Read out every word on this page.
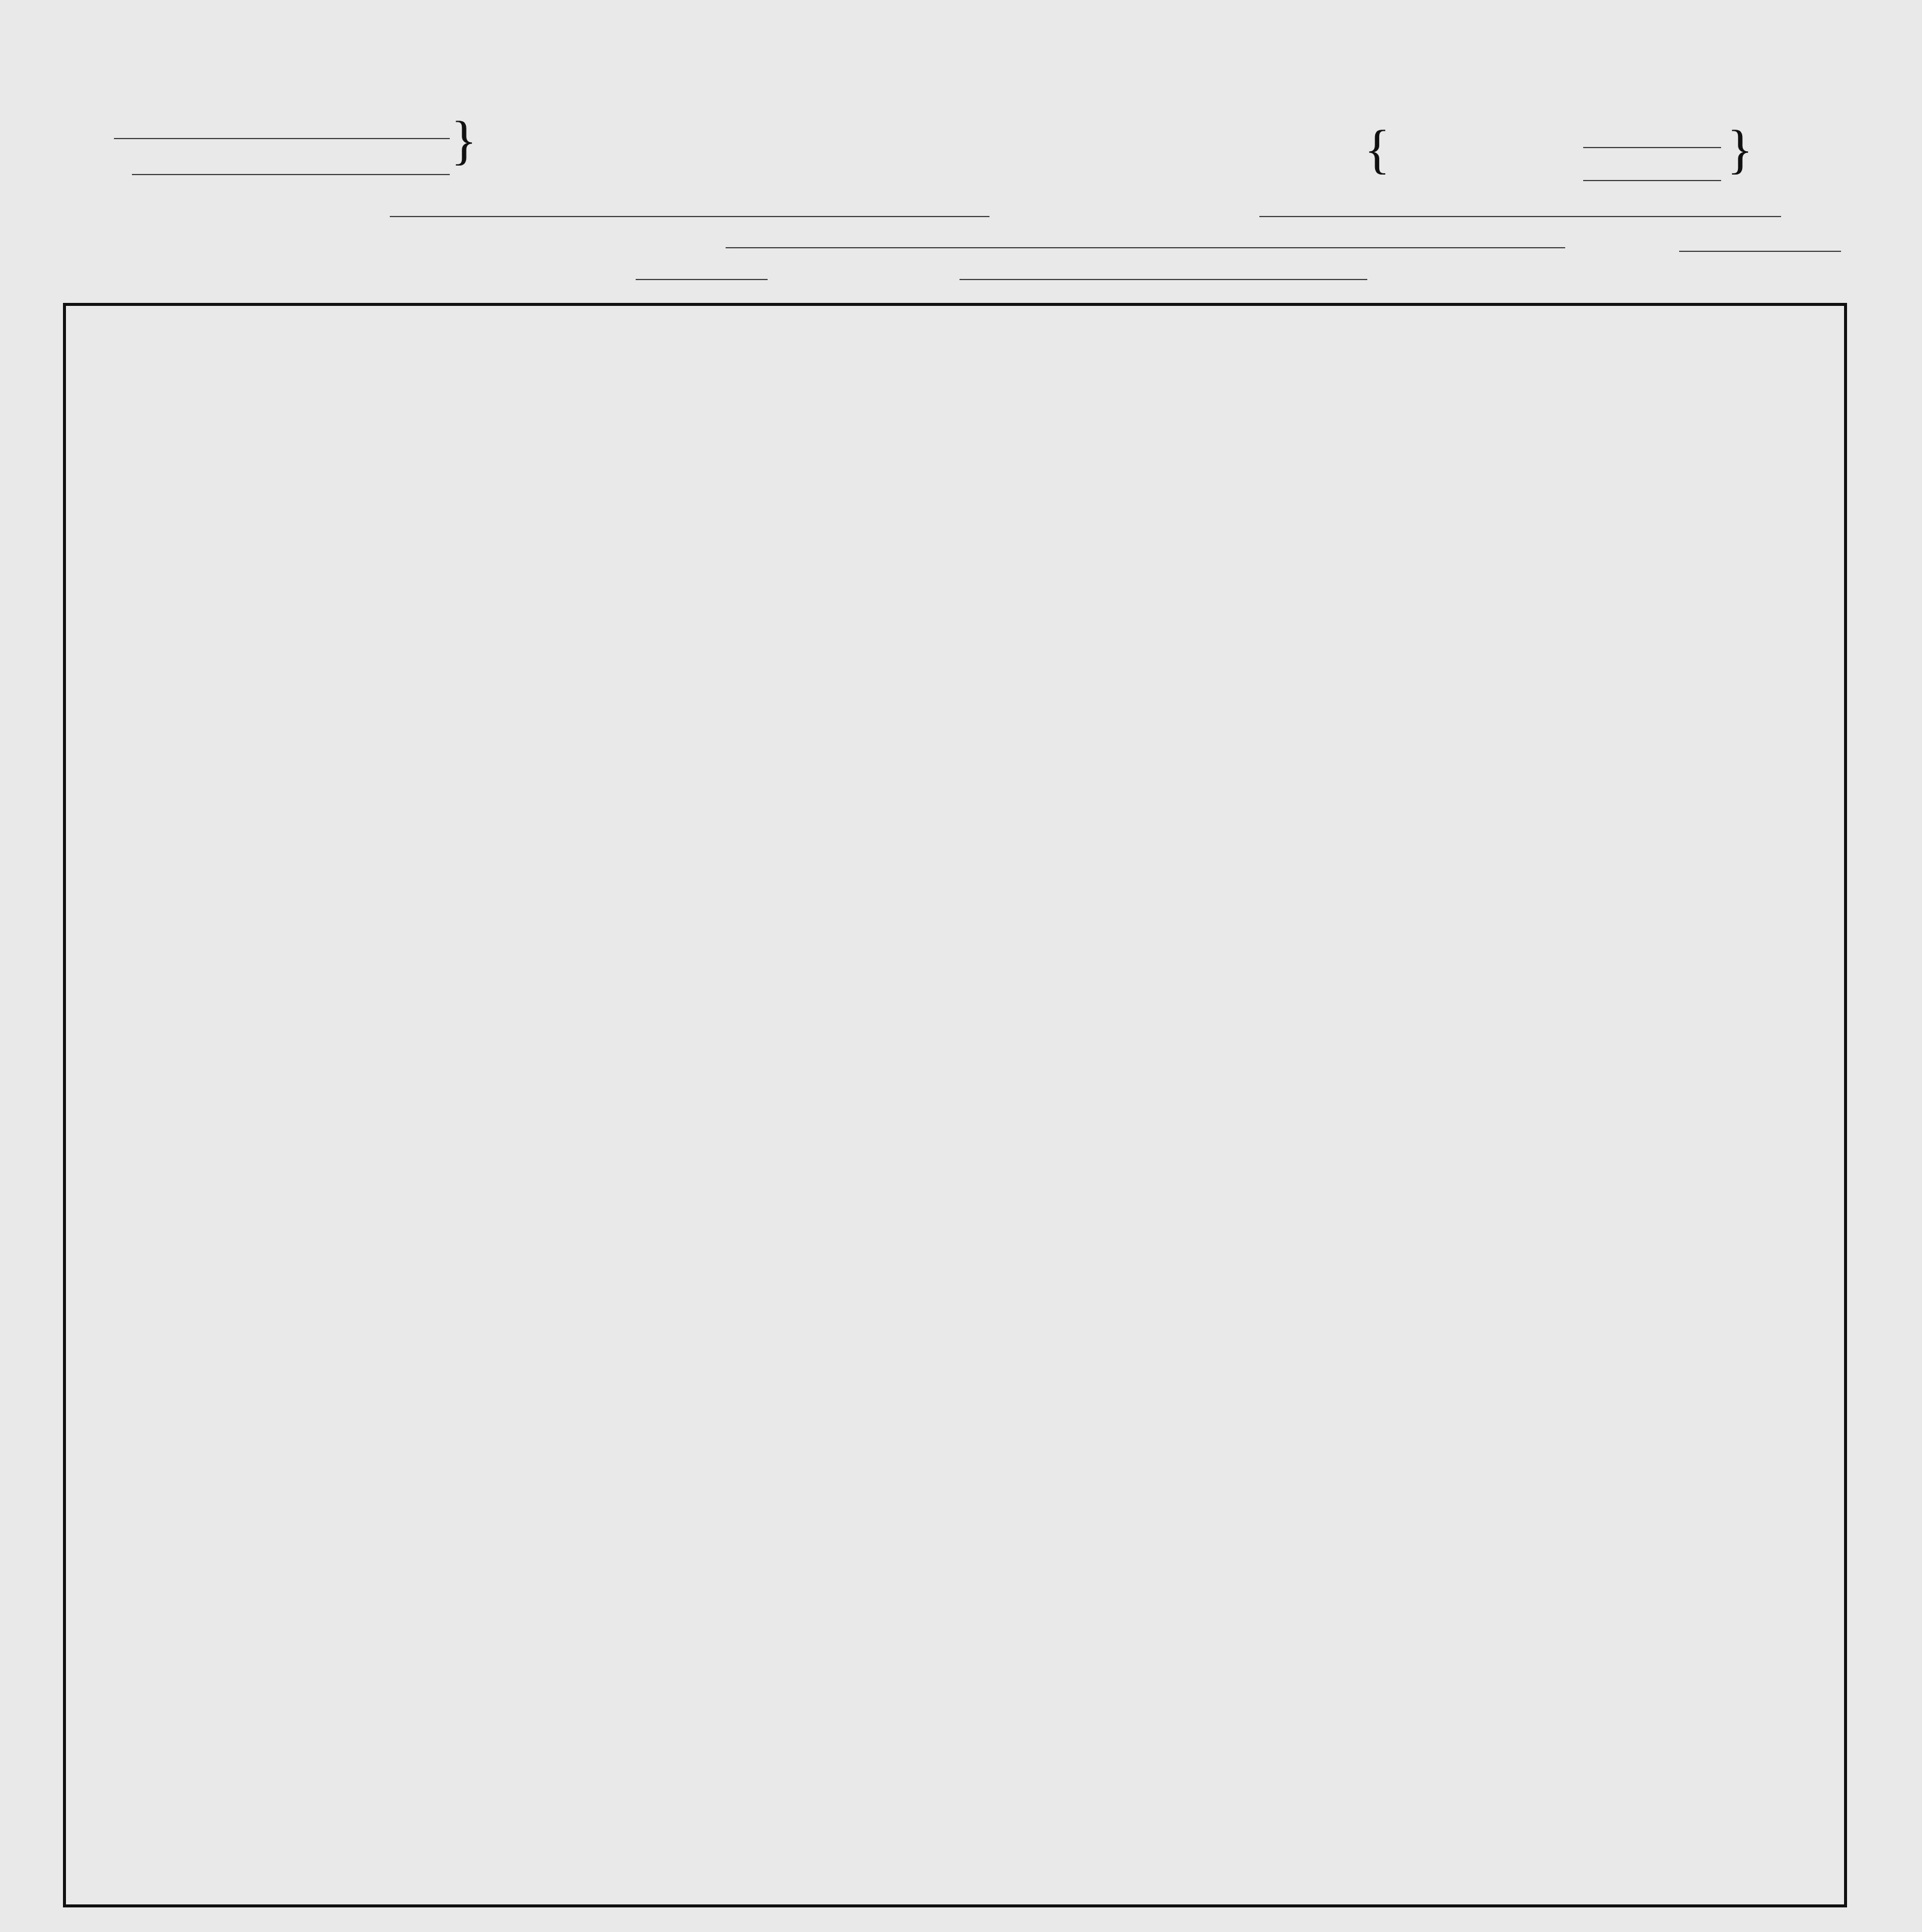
}	{	}
